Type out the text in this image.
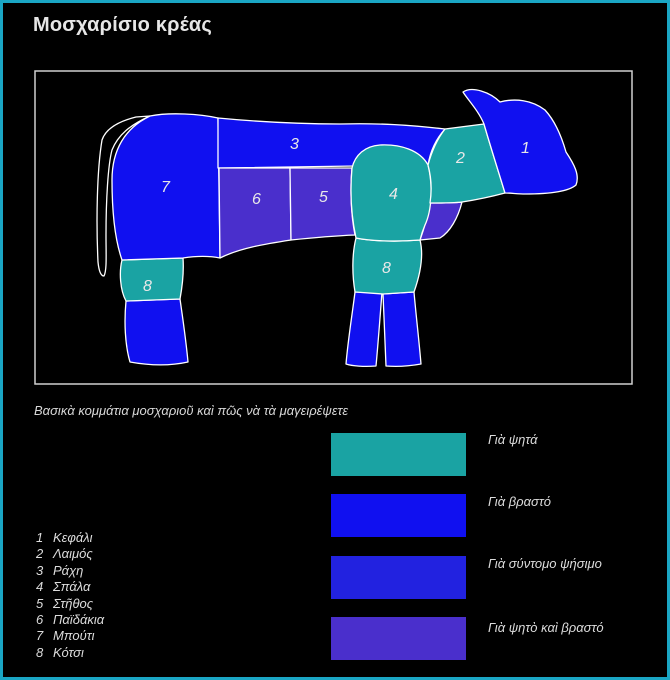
Μοσχαρίσιο κρέας
1
2
3
4
5
6
7
8
8
Βασικὰ κομμάτια μοσχαριοῦ καὶ πῶς νὰ τὰ μαγειρέψετε
Γιὰ ψητά
Γιὰ βραστό
Γιὰ σύντομο ψήσιμο
Γιὰ ψητὸ καὶ βραστό
1 Κεφάλι
2 Λαιμός
3 Ράχη
4 Σπάλα
5 Στῆθος
6 Παϊδάκια
7 Μπούτι
8 Κότσι
